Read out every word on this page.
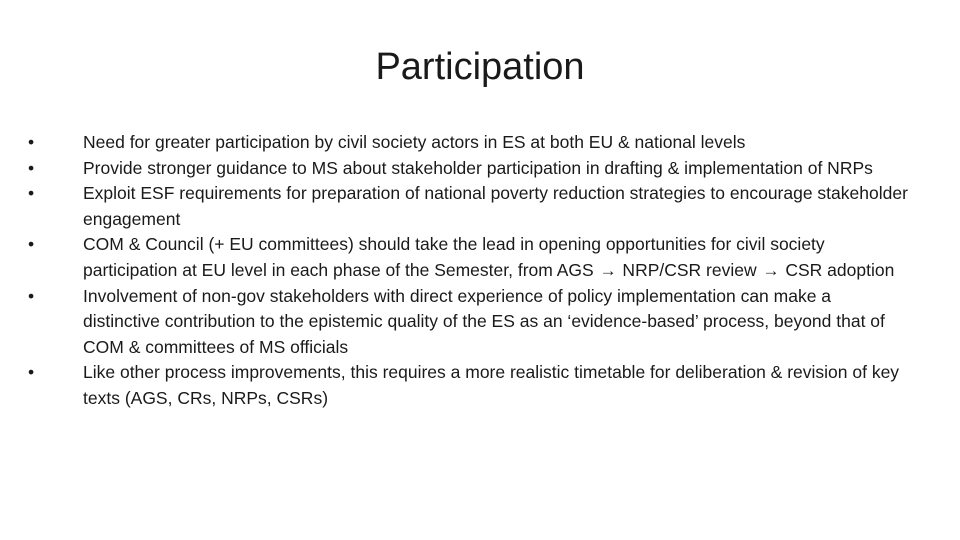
Participation
•	Need for greater participation by civil society actors in ES at both EU & national levels
•	Provide stronger guidance to MS about stakeholder participation in drafting & implementation of NRPs
•	Exploit ESF requirements for preparation of national poverty reduction strategies to encourage stakeholder engagement
•	COM & Council (+ EU committees) should take the lead in opening opportunities for civil society participation at EU level in each phase of the Semester, from AGS → NRP/CSR review → CSR adoption
•	Involvement of non-gov stakeholders with direct experience of policy implementation can make a distinctive contribution to the epistemic quality of the ES as an ‘evidence-based’ process, beyond that of COM & committees of MS officials
•	Like other process improvements, this requires a more realistic timetable for deliberation & revision of key texts (AGS, CRs, NRPs, CSRs)
